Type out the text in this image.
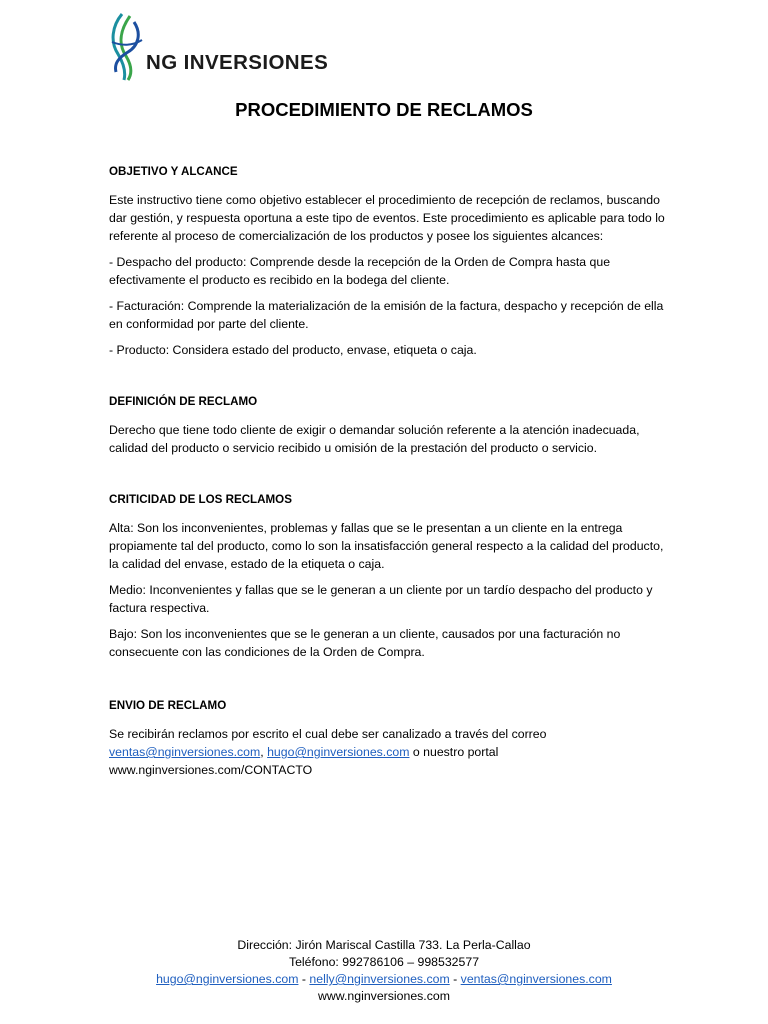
NG INVERSIONES
PROCEDIMIENTO DE RECLAMOS
OBJETIVO Y ALCANCE

Este instructivo tiene como objetivo establecer el procedimiento de recepción de reclamos, buscando dar gestión, y respuesta oportuna a este tipo de eventos. Este procedimiento es aplicable para todo lo referente al proceso de comercialización de los productos y posee los siguientes alcances:

- Despacho del producto: Comprende desde la recepción de la Orden de Compra hasta que efectivamente el producto es recibido en la bodega del cliente.

- Facturación: Comprende la materialización de la emisión de la factura, despacho y recepción de ella en conformidad por parte del cliente.

- Producto: Considera estado del producto, envase, etiqueta o caja.

DEFINICIÓN DE RECLAMO

Derecho que tiene todo cliente de exigir o demandar solución referente a la atención inadecuada, calidad del producto o servicio recibido u omisión de la prestación del producto o servicio.

CRITICIDAD DE LOS RECLAMOS

Alta: Son los inconvenientes, problemas y fallas que se le presentan a un cliente en la entrega propiamente tal del producto, como lo son la insatisfacción general respecto a la calidad del producto, la calidad del envase, estado de la etiqueta o caja.

Medio: Inconvenientes y fallas que se le generan a un cliente por un tardío despacho del producto y factura respectiva.

Bajo: Son los inconvenientes que se le generan a un cliente, causados por una facturación no consecuente con las condiciones de la Orden de Compra.

ENVIO DE RECLAMO

Se recibirán reclamos por escrito el cual debe ser canalizado a través del correo
ventas@nginversiones.com, hugo@nginversiones.com o nuestro portal
www.nginversiones.com/CONTACTO

Dirección: Jirón Mariscal Castilla 733. La Perla-Callao
Teléfono: 992786106 – 998532577
hugo@nginversiones.com - nelly@nginversiones.com - ventas@nginversiones.com
www.nginversiones.com
